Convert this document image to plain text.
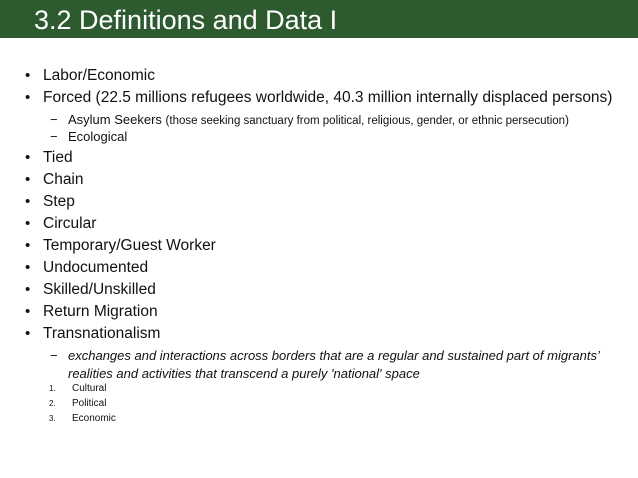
3.2 Definitions and Data I
• Labor/Economic
• Forced (22.5 millions refugees worldwide, 40.3 million internally displaced persons)
− Asylum Seekers (those seeking sanctuary from political, religious, gender, or ethnic persecution)
− Ecological
• Tied
• Chain
• Step
• Circular
• Temporary/Guest Worker
• Undocumented
• Skilled/Unskilled
• Return Migration
• Transnationalism
− exchanges and interactions across borders that are a regular and sustained part of migrants’
realities and activities that transcend a purely 'national' space
1. Cultural
2. Political
3. Economic
